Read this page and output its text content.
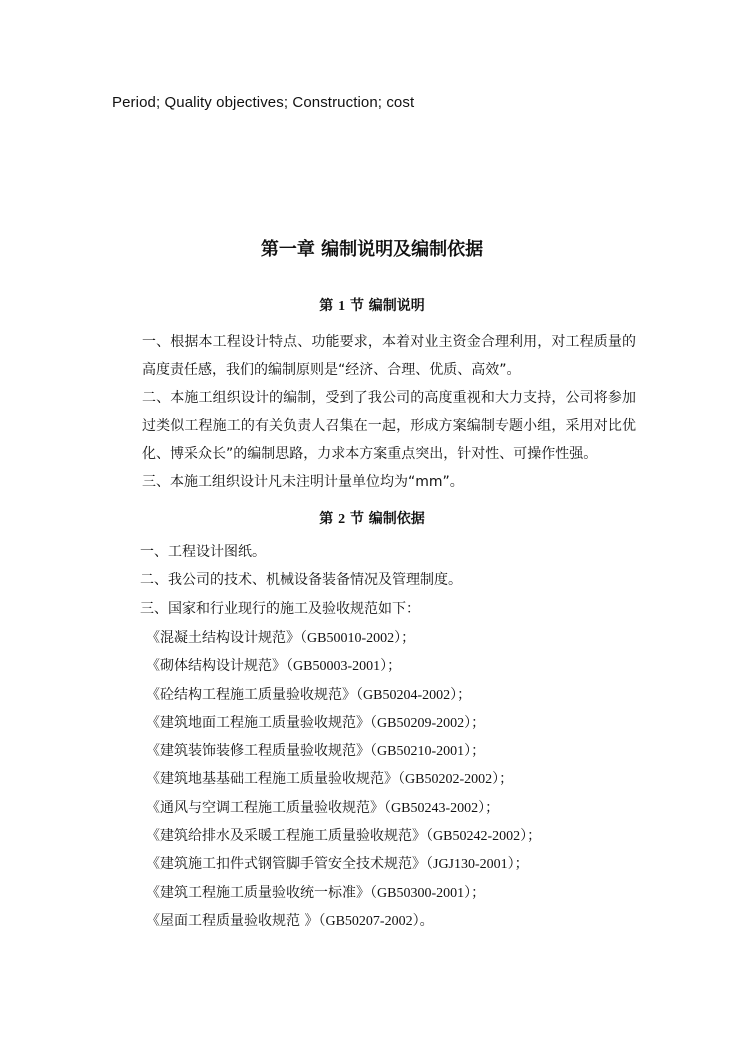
Period; Quality objectives; Construction; cost
第一章 编制说明及编制依据
第 1 节 编制说明
一、根据本工程设计特点、功能要求，本着对业主资金合理利用，对工程质量的高度责任感，我们的编制原则是“经济、合理、优质、高效”。
二、本施工组织设计的编制，受到了我公司的高度重视和大力支持，公司将参加过类似工程施工的有关负责人召集在一起，形成方案编制专题小组，采用对比优化、博采众长”的编制思路，力求本方案重点突出，针对性、可操作性强。
三、本施工组织设计凡未注明计量单位均为“mm”。
第 2 节 编制依据
一、工程设计图纸。
二、我公司的技术、机械设备装备情况及管理制度。
三、国家和行业现行的施工及验收规范如下：
《混凝土结构设计规范》（GB50010-2002）；
《砌体结构设计规范》（GB50003-2001）；
《砼结构工程施工质量验收规范》（GB50204-2002）；
《建筑地面工程施工质量验收规范》（GB50209-2002）；
《建筑装饰装修工程质量验收规范》（GB50210-2001）；
《建筑地基基础工程施工质量验收规范》（GB50202-2002）；
《通风与空调工程施工质量验收规范》（GB50243-2002）；
《建筑给排水及采暖工程施工质量验收规范》（GB50242-2002）；
《建筑施工扣件式钢管脚手管安全技术规范》（JGJ130-2001）；
《建筑工程施工质量验收统一标准》（GB50300-2001）；
《屋面工程质量验收规范 》（GB50207-2002）。
